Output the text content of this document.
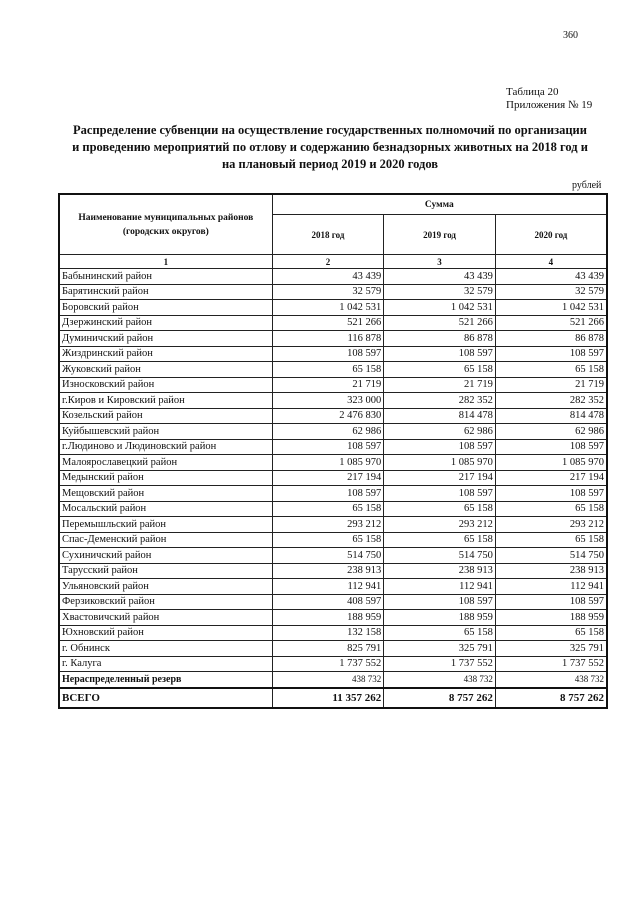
360
Таблица 20
Приложения № 19
Распределение субвенции на осуществление государственных полномочий по организации и проведению мероприятий по отлову и содержанию безнадзорных животных на 2018 год и на плановый период 2019 и 2020 годов
рублей
Наименование муниципальных районов (городских округов)	Сумма		
	2018 год	2019 год	2020 год
1	2	3	4
Бабынинский район	43 439	43 439	43 439
Барятинский район	32 579	32 579	32 579
Боровский район	1 042 531	1 042 531	1 042 531
Дзержинский район	521 266	521 266	521 266
Думиничский район	116 878	86 878	86 878
Жиздринский район	108 597	108 597	108 597
Жуковский район	65 158	65 158	65 158
Износковский район	21 719	21 719	21 719
г.Киров и Кировский район	323 000	282 352	282 352
Козельский район	2 476 830	814 478	814 478
Куйбышевский район	62 986	62 986	62 986
г.Людиново и Людиновский район	108 597	108 597	108 597
Малоярославецкий район	1 085 970	1 085 970	1 085 970
Медынский район	217 194	217 194	217 194
Мещовский район	108 597	108 597	108 597
Мосальский район	65 158	65 158	65 158
Перемышльский район	293 212	293 212	293 212
Спас-Деменский район	65 158	65 158	65 158
Сухиничский район	514 750	514 750	514 750
Тарусский район	238 913	238 913	238 913
Ульяновский район	112 941	112 941	112 941
Ферзиковский район	408 597	108 597	108 597
Хвастовичский район	188 959	188 959	188 959
Юхновский район	132 158	65 158	65 158
г. Обнинск	825 791	325 791	325 791
г. Калуга	1 737 552	1 737 552	1 737 552
Нераспределенный резерв	438 732	438 732	438 732
ВСЕГО	11 357 262	8 757 262	8 757 262
